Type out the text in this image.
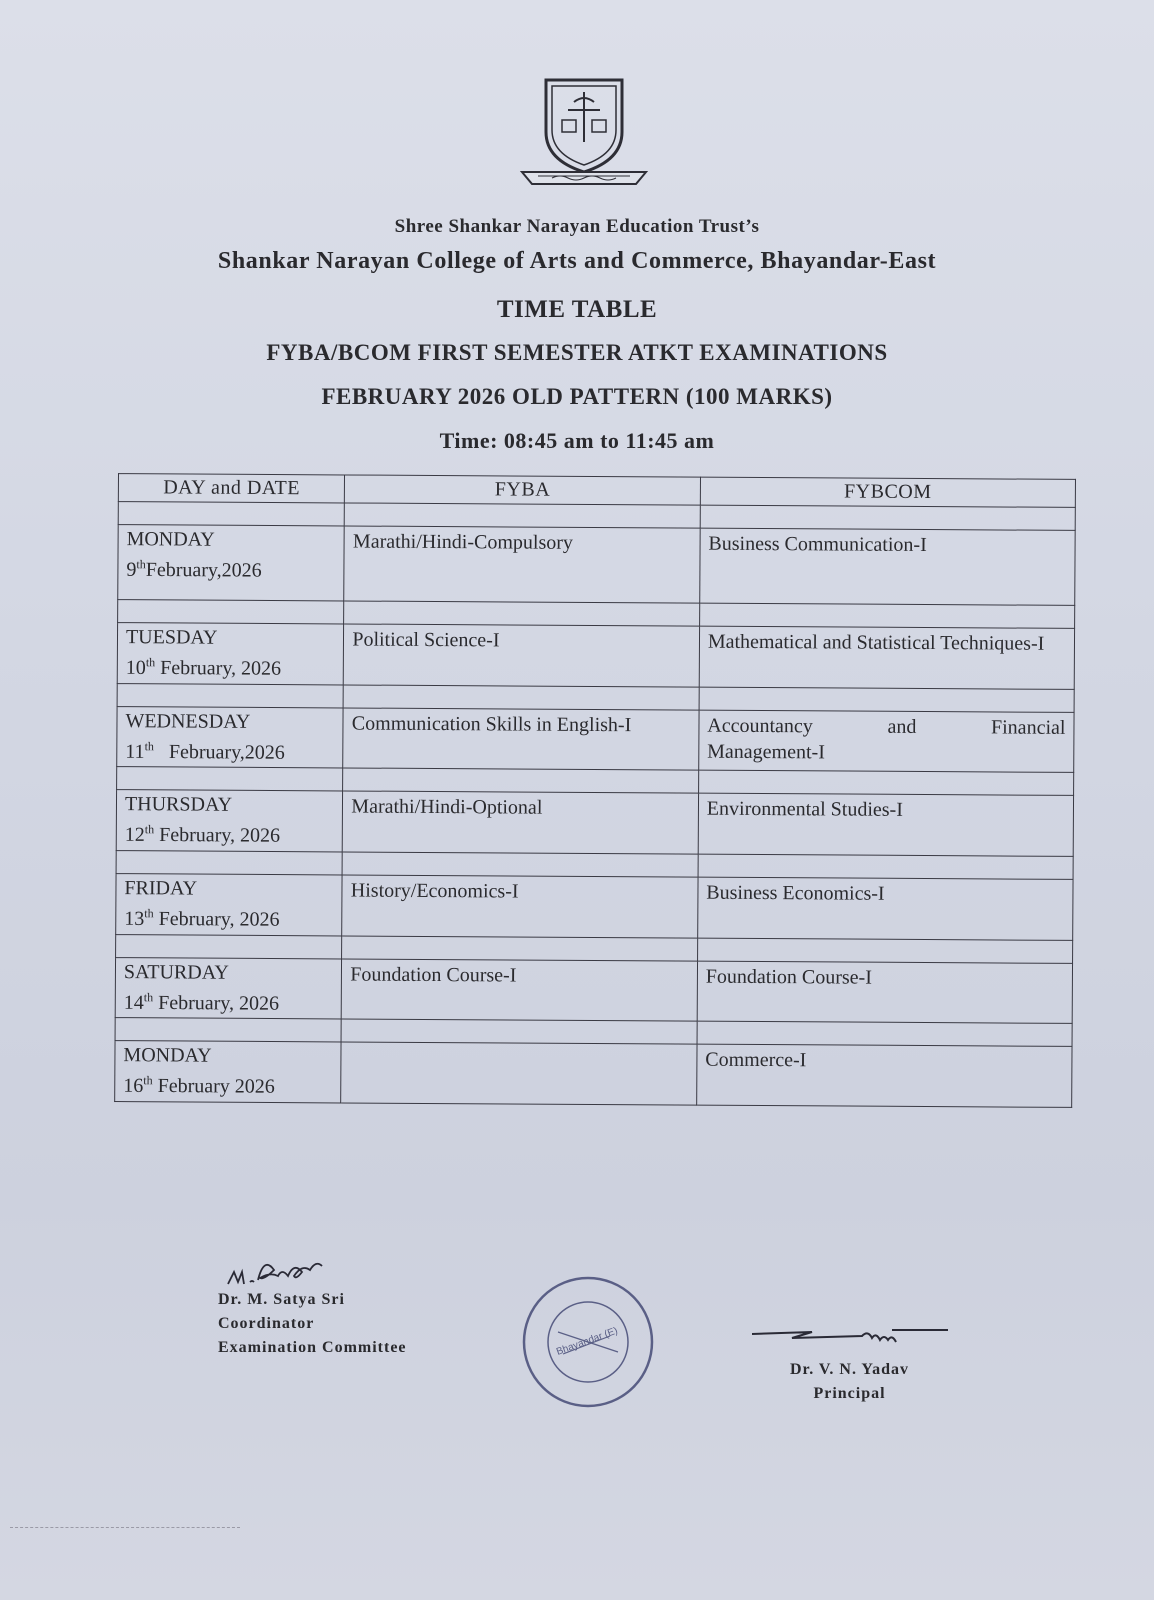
Shree Shankar Narayan Education Trust’s
Shankar Narayan College of Arts and Commerce, Bhayandar-East
TIME TABLE
FYBA/BCOM FIRST SEMESTER ATKT EXAMINATIONS
FEBRUARY 2026 OLD PATTERN (100 MARKS)
Time: 08:45 am to 11:45 am
DAY and DATE	FYBA	FYBCOM

MONDAY
9thFebruary,2026	Marathi/Hindi-Compulsory	Business Communication-I

TUESDAY
10th February, 2026	Political Science-I	Mathematical and Statistical Techniques-I

WEDNESDAY
11th   February,2026	Communication Skills in English-I	Accountancy and Financial
Management-I

THURSDAY
12th February, 2026	Marathi/Hindi-Optional	Environmental Studies-I

FRIDAY
13th February, 2026	History/Economics-I	Business Economics-I

SATURDAY
14th February, 2026	Foundation Course-I	Foundation Course-I

MONDAY
16th February 2026		Commerce-I
Dr. M. Satya Sri
Coordinator
Examination Committee	Bhayandar (E)
Dr. V. N. Yadav
Principal
